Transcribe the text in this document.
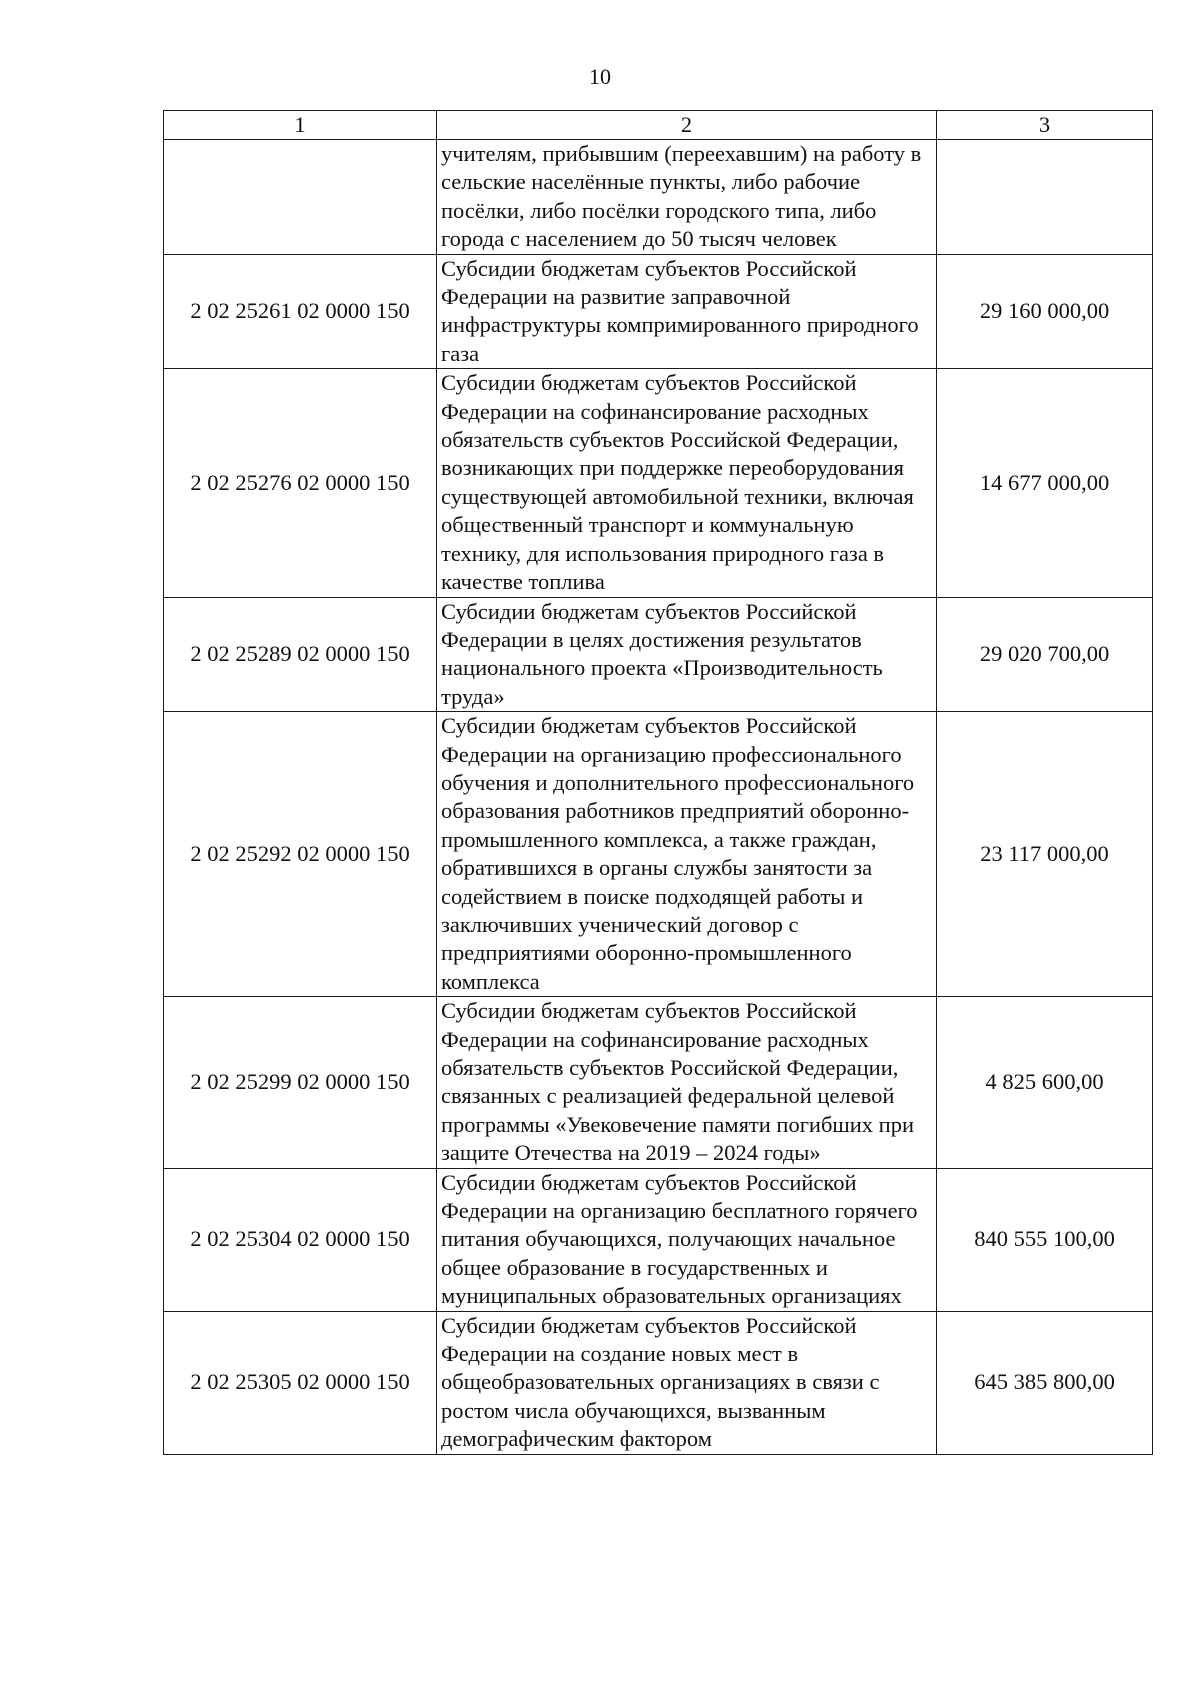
10
1	2	3
	учителям, прибывшим (переехавшим) на работу в сельские населённые пункты, либо рабочие посёлки, либо посёлки городского типа, либо города с населением до 50 тысяч человек	
2 02 25261 02 0000 150	Субсидии бюджетам субъектов Российской Федерации на развитие заправочной инфраструктуры компримированного природного газа	29 160 000,00
2 02 25276 02 0000 150	Субсидии бюджетам субъектов Российской Федерации на софинансирование расходных обязательств субъектов Российской Федерации, возникающих при поддержке переоборудования существующей автомобильной техники, включая общественный транспорт и коммунальную технику, для использования природного газа в качестве топлива	14 677 000,00
2 02 25289 02 0000 150	Субсидии бюджетам субъектов Российской Федерации в целях достижения результатов национального проекта «Производительность труда»	29 020 700,00
2 02 25292 02 0000 150	Субсидии бюджетам субъектов Российской Федерации на организацию профессионального обучения и дополнительного профессионального образования работников предприятий оборонно-промышленного комплекса, а также граждан, обратившихся в органы службы занятости за содействием в поиске подходящей работы и заключивших ученический договор с предприятиями оборонно-промышленного комплекса	23 117 000,00
2 02 25299 02 0000 150	Субсидии бюджетам субъектов Российской Федерации на софинансирование расходных обязательств субъектов Российской Федерации, связанных с реализацией федеральной целевой программы «Увековечение памяти погибших при защите Отечества на 2019 – 2024 годы»	4 825 600,00
2 02 25304 02 0000 150	Субсидии бюджетам субъектов Российской Федерации на организацию бесплатного горячего питания обучающихся, получающих начальное общее образование в государственных и муниципальных образовательных организациях	840 555 100,00
2 02 25305 02 0000 150	Субсидии бюджетам субъектов Российской Федерации на создание новых мест в общеобразовательных организациях в связи с ростом числа обучающихся, вызванным демографическим фактором	645 385 800,00
